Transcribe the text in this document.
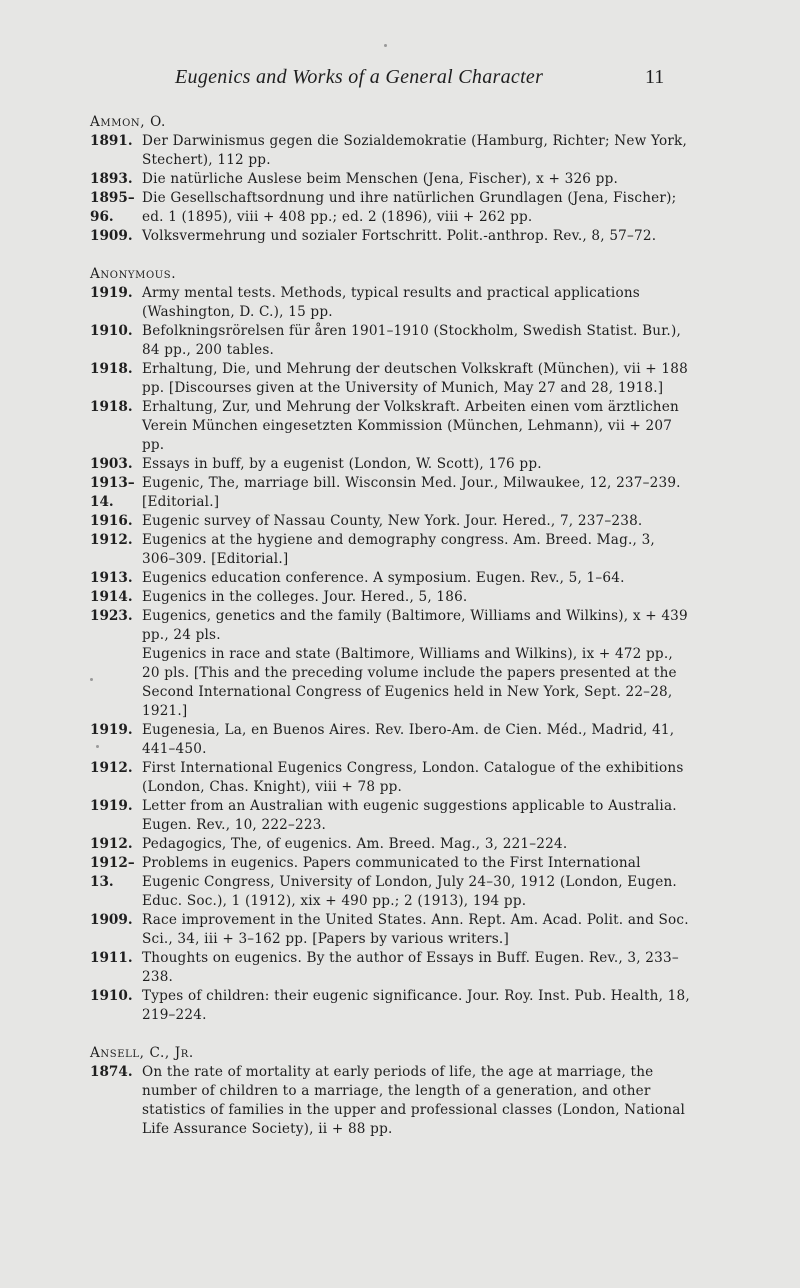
Eugenics and Works of a General Character	11
Ammon, O.
1891. Der Darwinismus gegen die Sozialdemokratie (Hamburg, Richter; New York, Stechert), 112 pp.
1893. Die natürliche Auslese beim Menschen (Jena, Fischer), x + 326 pp.
1895–96.
Die Gesellschaftsordnung und ihre natürlichen Grundlagen (Jena, Fischer); ed. 1 (1895), viii + 408 pp.; ed. 2 (1896), viii + 262 pp.
1909. Volksvermehrung und sozialer Fortschritt. Polit.-anthrop. Rev., 8, 57–72.
Anonymous.
1919. Army mental tests. Methods, typical results and practical applications (Washington, D. C.), 15 pp.
1910. Befolkningsrörelsen für åren 1901–1910 (Stockholm, Swedish Statist. Bur.), 84 pp., 200 tables.
1918. Erhaltung, Die, und Mehrung der deutschen Volkskraft (München), vii + 188 pp. [Discourses given at the University of Munich, May 27 and 28, 1918.]
1918. Erhaltung, Zur, und Mehrung der Volkskraft. Arbeiten einen vom ärztlichen Verein München eingesetzten Kommission (München, Lehmann), vii + 207 pp.
1903. Essays in buff, by a eugenist (London, W. Scott), 176 pp.
1913–14.
Eugenic, The, marriage bill. Wisconsin Med. Jour., Milwaukee, 12, 237–239. [Editorial.]
1916. Eugenic survey of Nassau County, New York. Jour. Hered., 7, 237–238.
1912. Eugenics at the hygiene and demography congress. Am. Breed. Mag., 3, 306–309. [Editorial.]
1913. Eugenics education conference. A symposium. Eugen. Rev., 5, 1–64.
1914. Eugenics in the colleges. Jour. Hered., 5, 186.
1923. Eugenics, genetics and the family (Baltimore, Williams and Wilkins), x + 439 pp., 24 pls.
Eugenics in race and state (Baltimore, Williams and Wilkins), ix + 472 pp., 20 pls. [This and the preceding volume include the papers presented at the Second International Congress of Eugenics held in New York, Sept. 22–28, 1921.]
1919. Eugenesia, La, en Buenos Aires. Rev. Ibero-Am. de Cien. Méd., Madrid, 41, 441–450.
1912. First International Eugenics Congress, London. Catalogue of the exhibitions (London, Chas. Knight), viii + 78 pp.
1919. Letter from an Australian with eugenic suggestions applicable to Australia. Eugen. Rev., 10, 222–223.
1912. Pedagogics, The, of eugenics. Am. Breed. Mag., 3, 221–224.
1912–13.
Problems in eugenics. Papers communicated to the First International Eugenic Congress, University of London, July 24–30, 1912 (London, Eugen. Educ. Soc.), 1 (1912), xix + 490 pp.; 2 (1913), 194 pp.
1909. Race improvement in the United States. Ann. Rept. Am. Acad. Polit. and Soc. Sci., 34, iii + 3–162 pp. [Papers by various writers.]
1911. Thoughts on eugenics. By the author of Essays in Buff. Eugen. Rev., 3, 233–238.
1910. Types of children: their eugenic significance. Jour. Roy. Inst. Pub. Health, 18, 219–224.
Ansell, C., Jr.
1874. On the rate of mortality at early periods of life, the age at marriage, the number of children to a marriage, the length of a generation, and other statistics of families in the upper and professional classes (London, National Life Assurance Society), ii + 88 pp.
